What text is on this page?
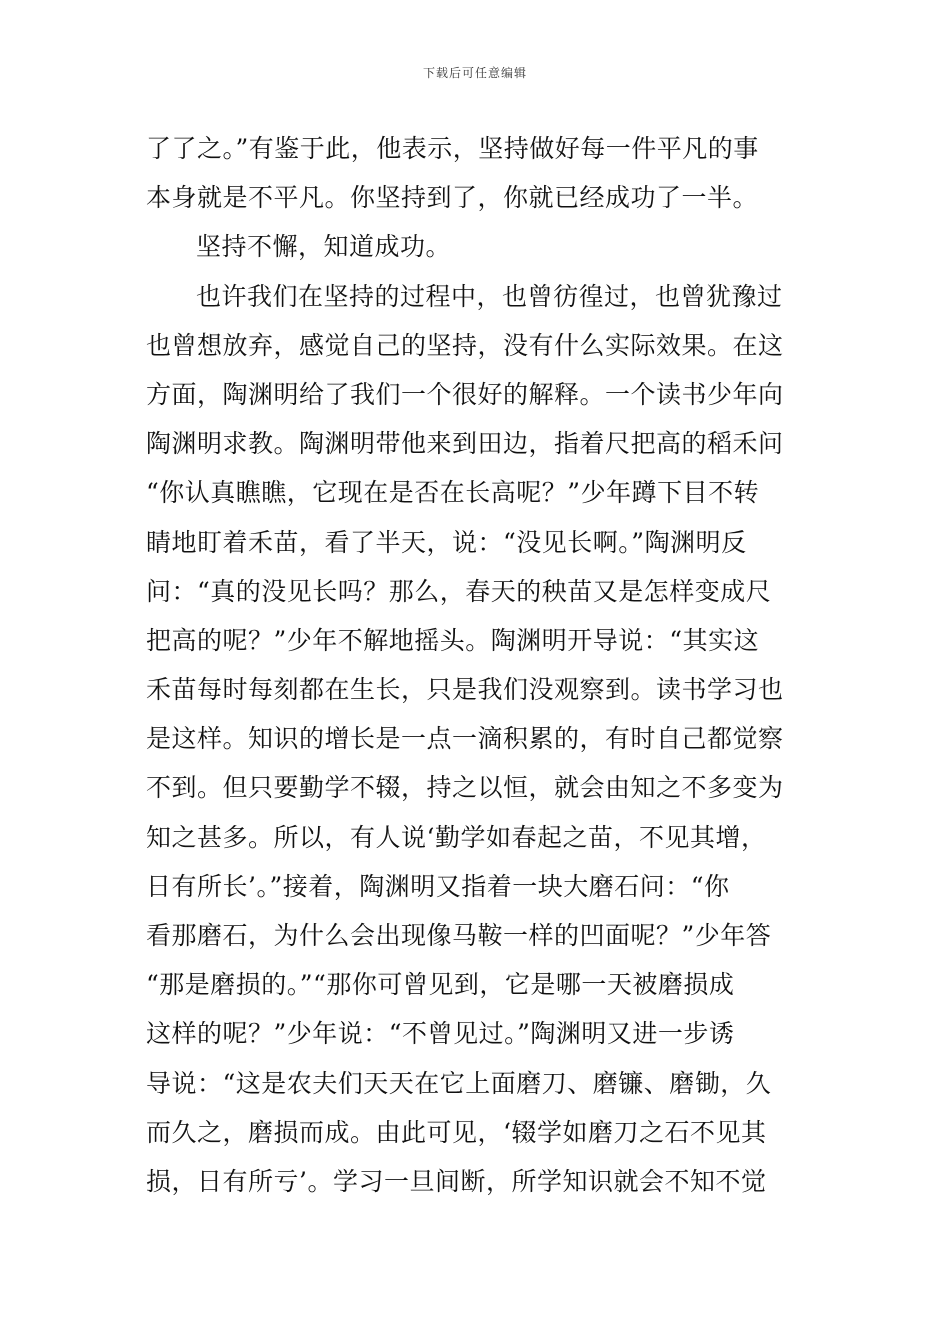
下载后可任意编辑
了了之。”有鉴于此，他表示，坚持做好每一件平凡的事
本身就是不平凡。你坚持到了，你就已经成功了一半。
坚持不懈，知道成功。
也许我们在坚持的过程中，也曾彷徨过，也曾犹豫过
也曾想放弃，感觉自己的坚持，没有什么实际效果。在这
方面，陶渊明给了我们一个很好的解释。一个读书少年向
陶渊明求教。陶渊明带他来到田边，指着尺把高的稻禾问
“你认真瞧瞧，它现在是否在长高呢？”少年蹲下目不转
睛地盯着禾苗，看了半天，说：“没见长啊。”陶渊明反
问：“真的没见长吗？那么，春天的秧苗又是怎样变成尺
把高的呢？”少年不解地摇头。陶渊明开导说：“其实这
禾苗每时每刻都在生长，只是我们没观察到。读书学习也
是这样。知识的增长是一点一滴积累的，有时自己都觉察
不到。但只要勤学不辍，持之以恒，就会由知之不多变为
知之甚多。所以，有人说‘勤学如春起之苗，不见其增，
日有所长’。”接着，陶渊明又指着一块大磨石问：“你
看那磨石，为什么会出现像马鞍一样的凹面呢？”少年答
“那是磨损的。”“那你可曾见到，它是哪一天被磨损成
这样的呢？”少年说：“不曾见过。”陶渊明又进一步诱
导说：“这是农夫们天天在它上面磨刀、磨镰、磨锄，久
而久之，磨损而成。由此可见，‘辍学如磨刀之石不见其
损，日有所亏’。学习一旦间断，所学知识就会不知不觉
